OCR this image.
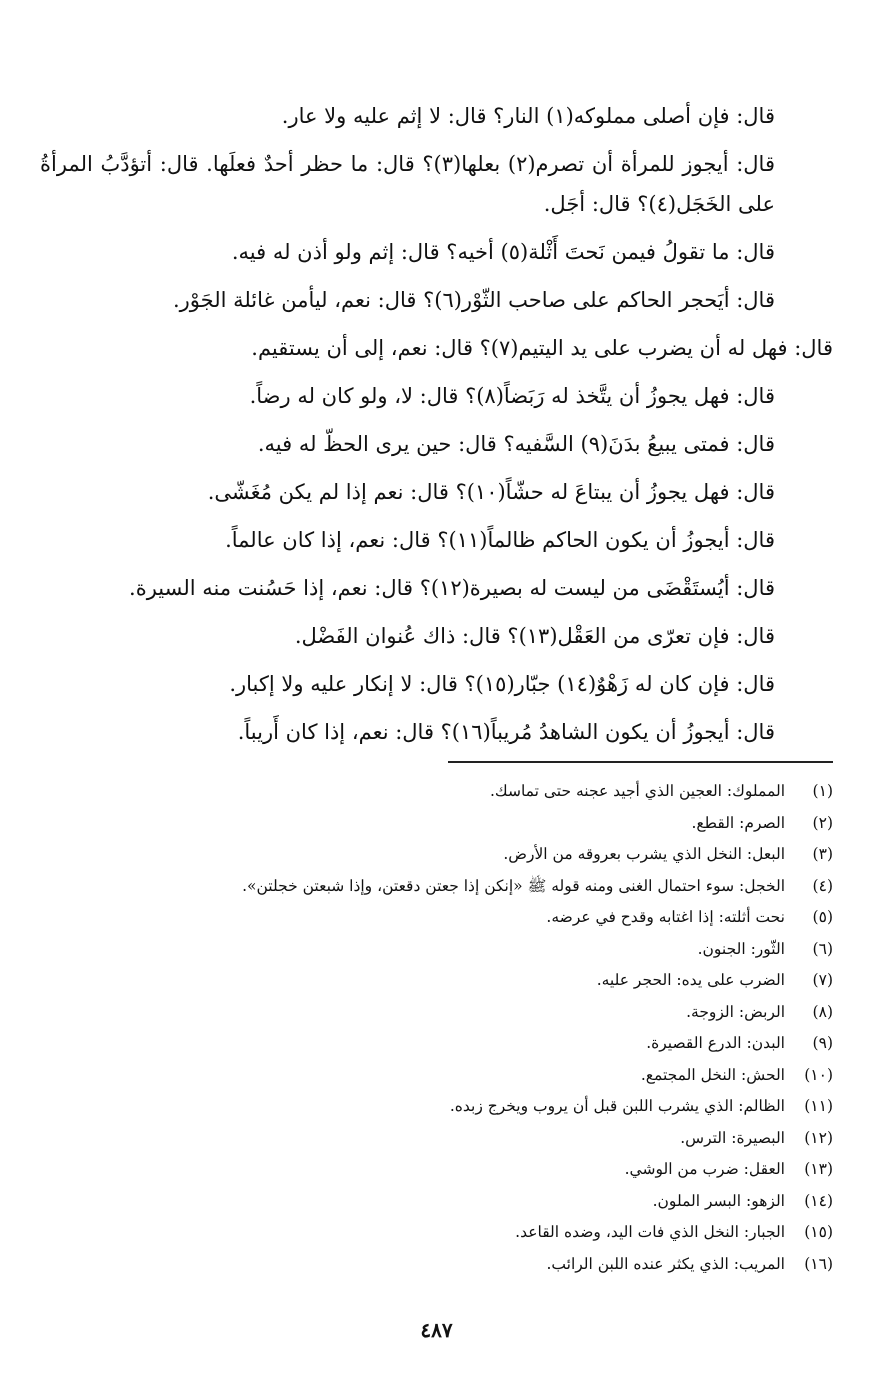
قال: فإن أصلى مملوكه(١) النار؟ قال: لا إثم عليه ولا عار.

قال: أيجوز للمرأة أن تصرم(٢) بعلها(٣)؟ قال: ما حظر أحدٌ فعلَها. قال: أتؤدَّبُ المرأةُ على الخَجَل(٤)؟ قال: أجَل.

قال: ما تقولُ فيمن نَحتَ أَثْلة(٥) أخيه؟ قال: إثم ولو أذن له فيه.

قال: أيَحجر الحاكم على صاحب الثّوْر(٦)؟ قال: نعم، ليأمن غائلة الجَوْر.

قال: فهل له أن يضرب على يد اليتيم(٧)؟ قال: نعم، إلى أن يستقيم.

قال: فهل يجوزُ أن يتَّخذ له رَبَضاً(٨)؟ قال: لا، ولو كان له رضاً.

قال: فمتى يبيعُ بدَنَ(٩) السَّفيه؟ قال: حين يرى الحظّ له فيه.

قال: فهل يجوزُ أن يبتاعَ له حشّاً(١٠)؟ قال: نعم إذا لم يكن مُغَشّى.

قال: أيجوزُ أن يكون الحاكم ظالماً(١١)؟ قال: نعم، إذا كان عالماً.

قال: أيُستَقْضَى من ليست له بصيرة(١٢)؟ قال: نعم، إذا حَسُنت منه السيرة.

قال: فإن تعرّى من العَقْل(١٣)؟ قال: ذاك عُنوان الفَضْل.

قال: فإن كان له زَهْوٌ(١٤) جبّار(١٥)؟ قال: لا إنكار عليه ولا إكبار.

قال: أيجوزُ أن يكون الشاهدُ مُريباً(١٦)؟ قال: نعم، إذا كان أَريباً.

(١)المملوك: العجين الذي أجيد عجنه حتى تماسك.

(٢)الصرم: القطع.

(٣)البعل: النخل الذي يشرب بعروقه من الأرض.

(٤)الخجل: سوء احتمال الغنى ومنه قوله ﷺ «إنكن إذا جعتن دقعتن، وإذا شبعتن خجلتن».

(٥)نحت أثلته: إذا اغتابه وقدح في عرضه.

(٦)الثّور: الجنون.

(٧)الضرب على يده: الحجر عليه.

(٨)الربض: الزوجة.

(٩)البدن: الدرع القصيرة.

(١٠)الحش: النخل المجتمع.

(١١)الظالم: الذي يشرب اللبن قبل أن يروب ويخرج زبده.

(١٢)البصيرة: الترس.

(١٣)العقل: ضرب من الوشي.

(١٤)الزهو: البسر الملون.

(١٥)الجبار: النخل الذي فات اليد، وضده القاعد.

(١٦)المريب: الذي يكثر عنده اللبن الرائب.

٤٨٧
